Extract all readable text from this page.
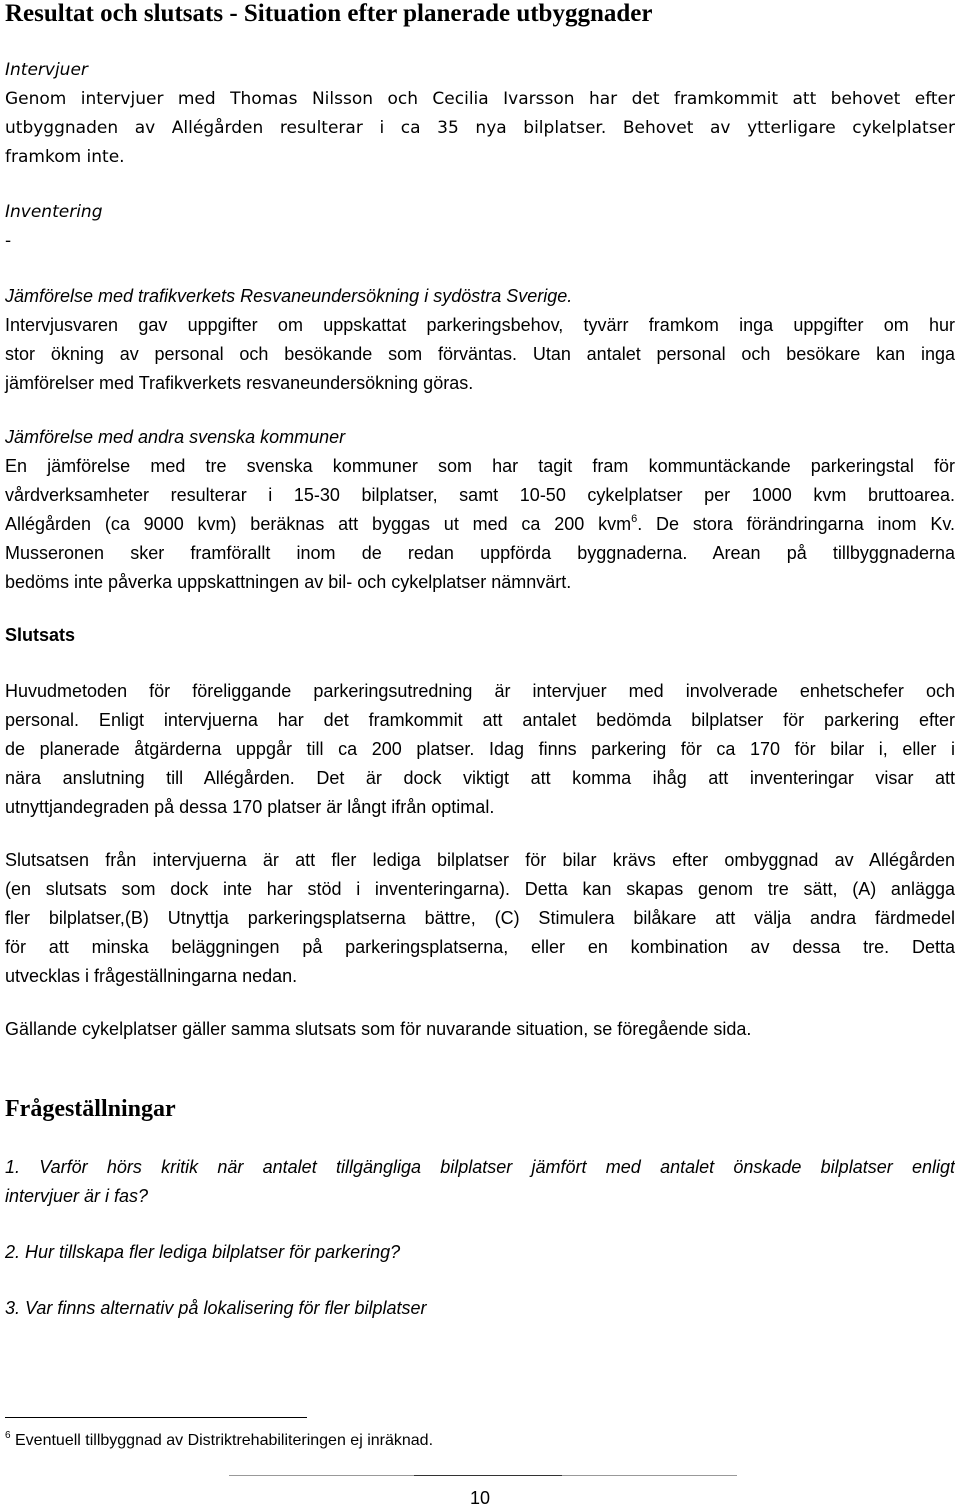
Resultat och slutsats - Situation efter planerade utbyggnader
Intervjuer
Genom intervjuer med Thomas Nilsson och Cecilia Ivarsson har det framkommit att behovet efter
utbyggnaden av Allégården resulterar i ca 35 nya bilplatser. Behovet av ytterligare cykelplatser
framkom inte.
Inventering
-
Jämförelse med trafikverkets Resvaneundersökning i sydöstra Sverige.
Intervjusvaren gav uppgifter om uppskattat parkeringsbehov, tyvärr framkom inga uppgifter om hur
stor ökning av personal och besökande som förväntas. Utan antalet personal och besökare kan inga
jämförelser med Trafikverkets resvaneundersökning göras.
Jämförelse med andra svenska kommuner
En jämförelse med tre svenska kommuner som har tagit fram kommuntäckande parkeringstal för
vårdverksamheter resulterar i 15-30 bilplatser, samt 10-50 cykelplatser per 1000 kvm bruttoarea.
Allégården (ca 9000 kvm) beräknas att byggas ut med ca 200 kvm$^6$. De stora förändringarna inom Kv.
Musseronen sker framförallt inom de redan uppförda byggnaderna. Arean på tillbyggnaderna
bedöms inte påverka uppskattningen av bil- och cykelplatser nämnvärt.
Slutsats
Huvudmetoden för föreliggande parkeringsutredning är intervjuer med involverade enhetschefer och
personal. Enligt intervjuerna har det framkommit att antalet bedömda bilplatser för parkering efter
de planerade åtgärderna uppgår till ca 200 platser. Idag finns parkering för ca 170 för bilar i, eller i
nära anslutning till Allégården. Det är dock viktigt att komma ihåg att inventeringar visar att
utnyttjandegraden på dessa 170 platser är långt ifrån optimal.
Slutsatsen från intervjuerna är att fler lediga bilplatser för bilar krävs efter ombyggnad av Allégården
(en slutsats som dock inte har stöd i inventeringarna). Detta kan skapas genom tre sätt, (A) anlägga
fler bilplatser,(B) Utnyttja parkeringsplatserna bättre, (C) Stimulera bilåkare att välja andra färdmedel
för att minska beläggningen på parkeringsplatserna, eller en kombination av dessa tre. Detta
utvecklas i frågeställningarna nedan.
Gällande cykelplatser gäller samma slutsats som för nuvarande situation, se föregående sida.
Frågeställningar
1. Varför hörs kritik när antalet tillgängliga bilplatser jämfört med antalet önskade bilplatser enligt
intervjuer är i fas?
2. Hur tillskapa fler lediga bilplatser för parkering?
3. Var finns alternativ på lokalisering för fler bilplatser
$^6$ Eventuell tillbyggnad av Distriktrehabiliteringen ej inräknad.
10
